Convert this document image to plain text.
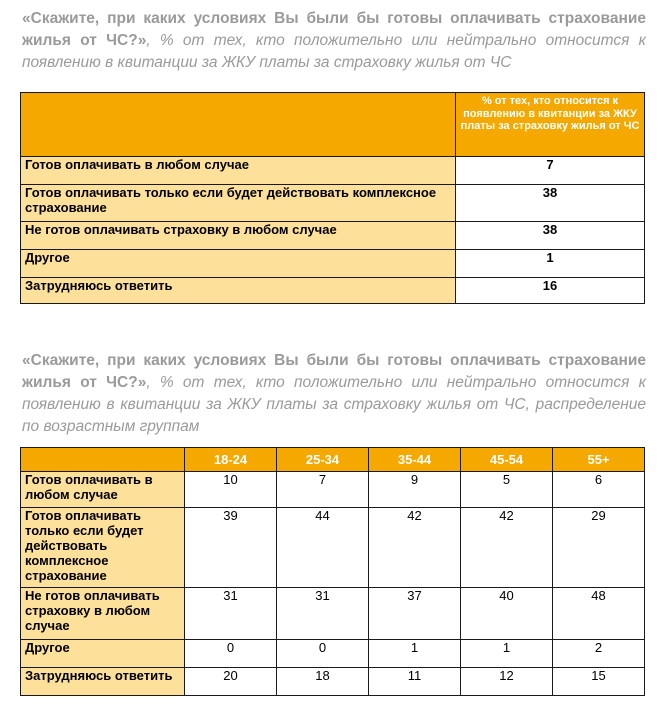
«Скажите, при каких условиях Вы были бы готовы оплачивать страхование жилья от ЧС?», % от тех, кто положительно или нейтрально относится к появлению в квитанции за ЖКУ платы за страховку жилья от ЧС
	% от тех, кто относится к появлению в квитанции за ЖКУ платы за страховку жилья от ЧС
Готов оплачивать в любом случае	7
Готов оплачивать только если будет действовать комплексное страхование	38
Не готов оплачивать страховку в любом случае	38
Другое	1
Затрудняюсь ответить	16
«Скажите, при каких условиях Вы были бы готовы оплачивать страхование жилья от ЧС?», % от тех, кто положительно или нейтрально относится к появлению в квитанции за ЖКУ платы за страховку жилья от ЧС, распределение по возрастным группам
	18-24	25-34	35-44	45-54	55+
Готов оплачивать в любом случае	10	7	9	5	6
Готов оплачивать только если будет действовать комплексное страхование	39	44	42	42	29
Не готов оплачивать страховку в любом случае	31	31	37	40	48
Другое	0	0	1	1	2
Затрудняюсь ответить	20	18	11	12	15
